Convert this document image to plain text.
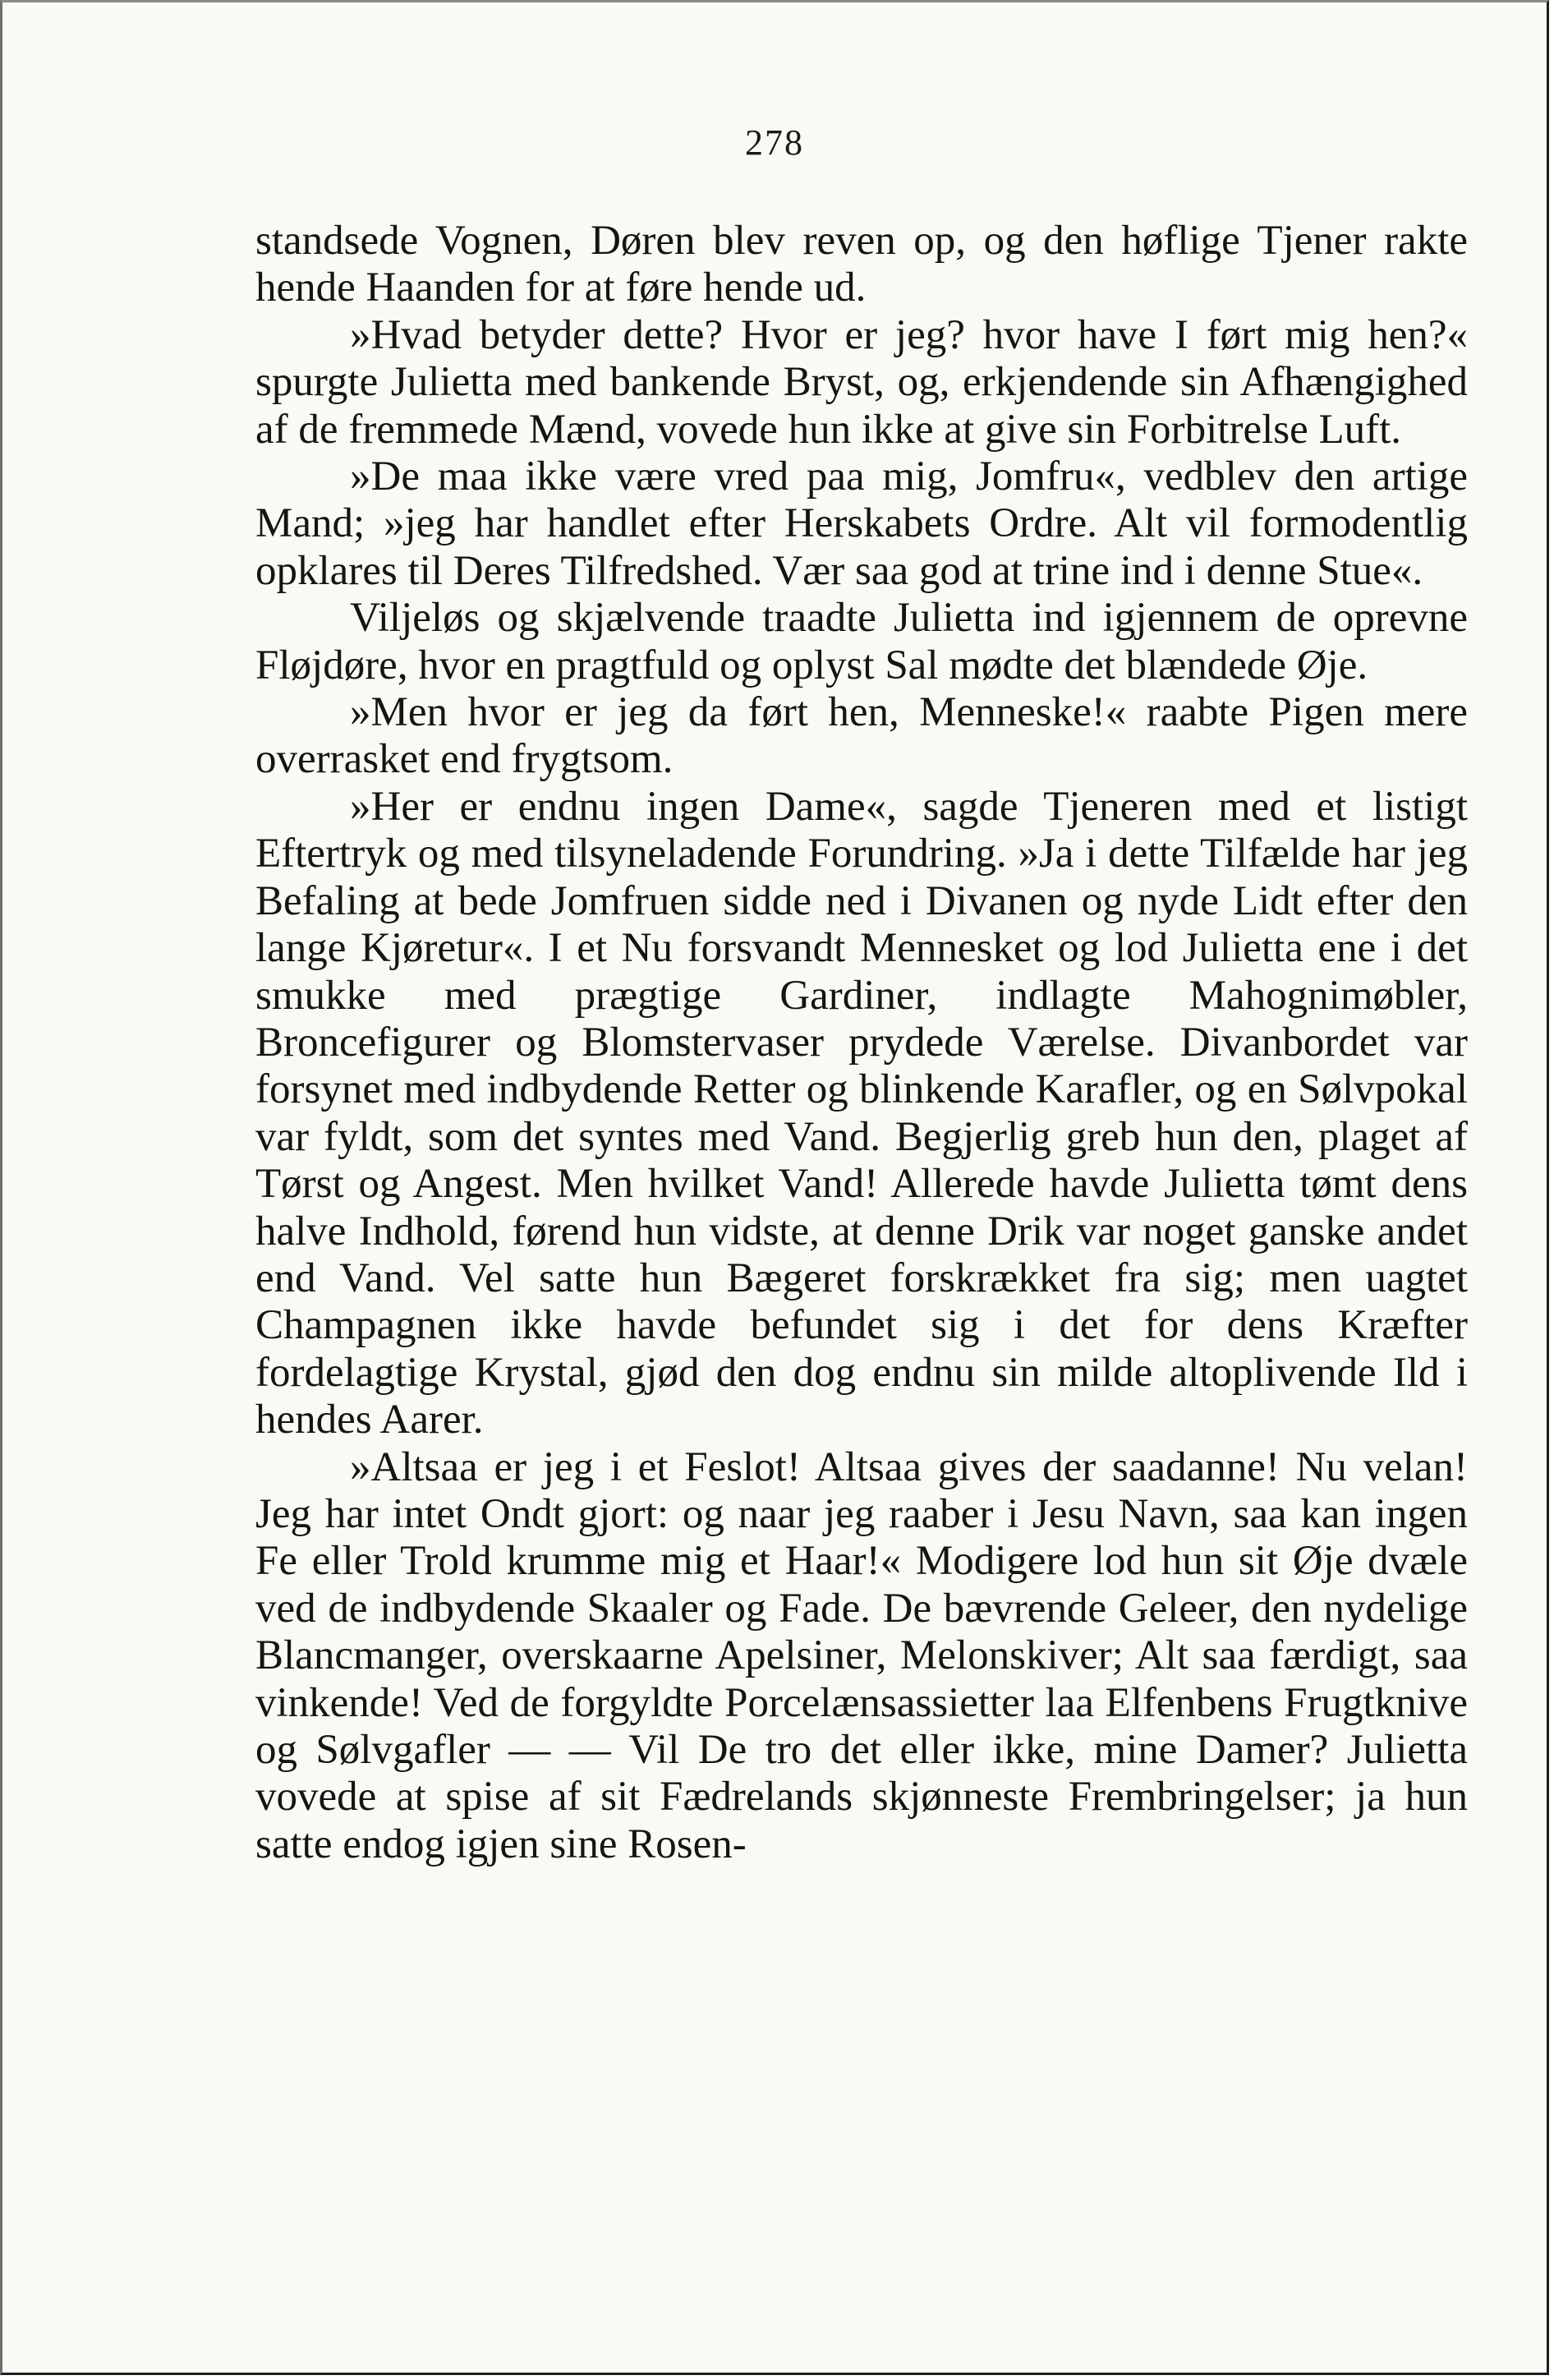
278

standsede Vognen, Døren blev reven op, og den høflige Tjener rakte hende Haanden for at føre hende ud.

»Hvad betyder dette? Hvor er jeg? hvor have I ført mig hen?« spurgte Julietta med bankende Bryst, og, erkjendende sin Afhængighed af de fremmede Mænd, vovede hun ikke at give sin Forbitrelse Luft.

»De maa ikke være vred paa mig, Jomfru«, vedblev den artige Mand; »jeg har handlet efter Herskabets Ordre. Alt vil formodentlig opklares til Deres Tilfredshed. Vær saa god at trine ind i denne Stue«.

Viljeløs og skjælvende traadte Julietta ind igjennem de oprevne Fløjdøre, hvor en pragtfuld og oplyst Sal mødte det blændede Øje.

»Men hvor er jeg da ført hen, Menneske!« raabte Pigen mere overrasket end frygtsom.

»Her er endnu ingen Dame«, sagde Tjeneren med et listigt Eftertryk og med tilsyneladende Forundring. »Ja i dette Tilfælde har jeg Befaling at bede Jomfruen sidde ned i Divanen og nyde Lidt efter den lange Kjøretur«. I et Nu forsvandt Mennesket og lod Julietta ene i det smukke med prægtige Gardiner, indlagte Mahognimøbler, Broncefigurer og Blomstervaser prydede Værelse. Divanbordet var forsynet med indbydende Retter og blinkende Karafler, og en Sølvpokal var fyldt, som det syntes med Vand. Begjerlig greb hun den, plaget af Tørst og Angest. Men hvilket Vand! Allerede havde Julietta tømt dens halve Indhold, førend hun vidste, at denne Drik var noget ganske andet end Vand. Vel satte hun Bægeret forskrækket fra sig; men uagtet Champagnen ikke havde befundet sig i det for dens Kræfter fordelagtige Krystal, gjød den dog endnu sin milde altoplivende Ild i hendes Aarer.

»Altsaa er jeg i et Feslot! Altsaa gives der saadanne! Nu velan! Jeg har intet Ondt gjort: og naar jeg raaber i Jesu Navn, saa kan ingen Fe eller Trold krumme mig et Haar!« Modigere lod hun sit Øje dvæle ved de indbydende Skaaler og Fade. De bævrende Geleer, den nydelige Blancmanger, overskaarne Apelsiner, Melonskiver; Alt saa færdigt, saa vinkende! Ved de forgyldte Porcelænsassietter laa Elfenbens Frugtknive og Sølvgafler — — Vil De tro det eller ikke, mine Damer? Julietta vovede at spise af sit Fædrelands skjønneste Frembringelser; ja hun satte endog igjen sine Rosen-
